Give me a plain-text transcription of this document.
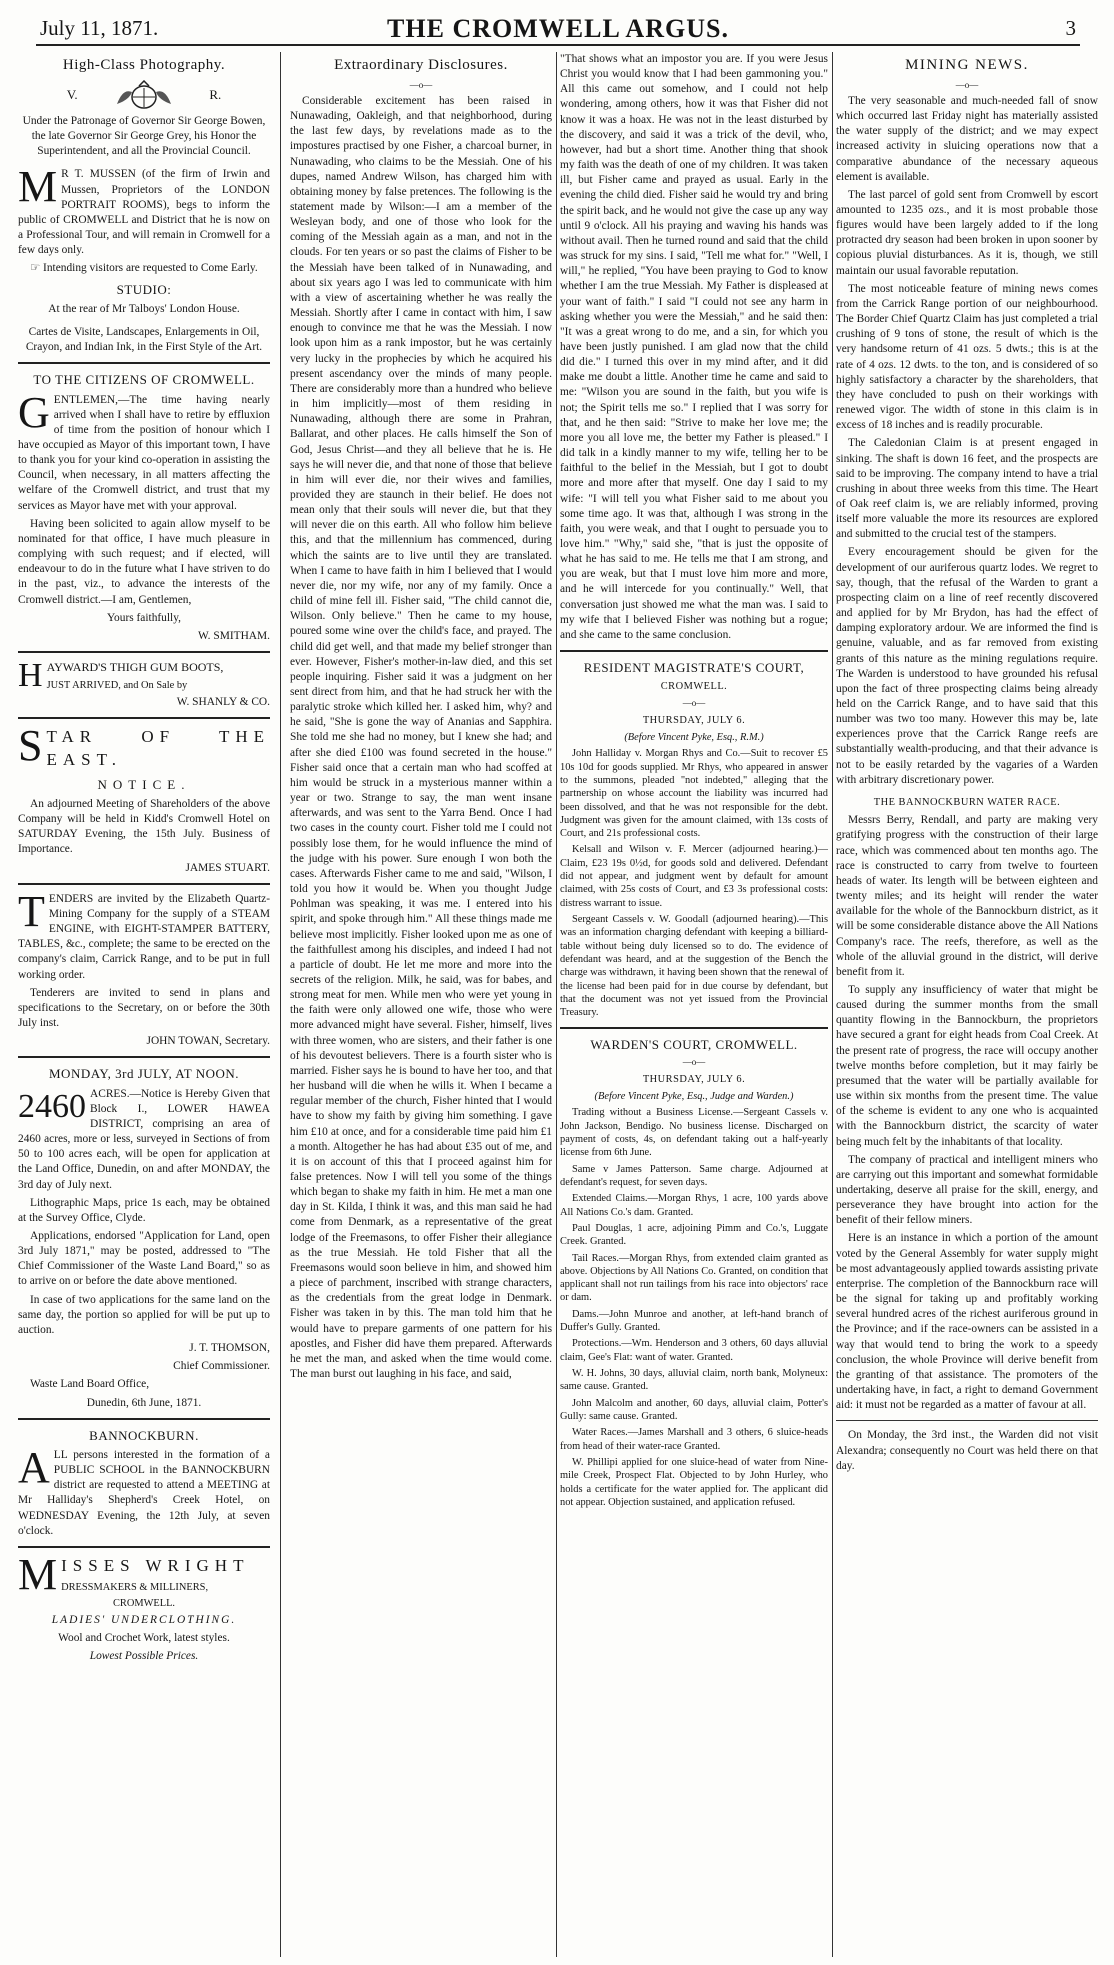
July 11, 1871.	THE CROMWELL ARGUS.	3
High-Class Photography.
V.	R.

Under the Patronage of Governor Sir George Bowen, the late Governor Sir George Grey, his Honor the Superintendent, and all the Provincial Council.

M R T. MUSSEN (of the firm of Irwin and Mussen, Proprietors of the LONDON PORTRAIT ROOMS), begs to inform the public of CROMWELL and District that he is now on a Professional Tour, and will remain in Cromwell for a few days only.

☞ Intending visitors are requested to Come Early.

STUDIO:

At the rear of Mr Talboys' London House.

Cartes de Visite, Landscapes, Enlargements in Oil, Crayon, and Indian Ink, in the First Style of the Art.

TO THE CITIZENS OF CROMWELL.
G ENTLEMEN,—The time having nearly arrived when I shall have to retire by effluxion of time from the position of honour which I have occupied as Mayor of this important town, I have to thank you for your kind co-operation in assisting the Council, when necessary, in all matters affecting the welfare of the Cromwell district, and trust that my services as Mayor have met with your approval.

Having been solicited to again allow myself to be nominated for that office, I have much pleasure in complying with such request; and if elected, will endeavour to do in the future what I have striven to do in the past, viz., to advance the interests of the Cromwell district.—I am, Gentlemen,

Yours faithfully,

W. SMITHAM.

H AYWARD'S THIGH GUM BOOTS,

JUST ARRIVED, and On Sale by

W. SHANLY & CO.

S TAR OF THE EAST.

NOTICE.

An adjourned Meeting of Shareholders of the above Company will be held in Kidd's Cromwell Hotel on SATURDAY Evening, the 15th July. Business of Importance.

JAMES STUART.

T ENDERS are invited by the Elizabeth Quartz-Mining Company for the supply of a STEAM ENGINE, with EIGHT-STAMPER BATTERY, TABLES, &c., complete; the same to be erected on the company's claim, Carrick Range, and to be put in full working order.

Tenderers are invited to send in plans and specifications to the Secretary, on or before the 30th July inst.

JOHN TOWAN, Secretary.

MONDAY, 3rd JULY, AT NOON.
2460 ACRES.—Notice is Hereby Given that Block I., LOWER HAWEA DISTRICT, comprising an area of 2460 acres, more or less, surveyed in Sections of from 50 to 100 acres each, will be open for application at the Land Office, Dunedin, on and after MONDAY, the 3rd day of July next.

Lithographic Maps, price 1s each, may be obtained at the Survey Office, Clyde.

Applications, endorsed "Application for Land, open 3rd July 1871," may be posted, addressed to "The Chief Commissioner of the Waste Land Board," so as to arrive on or before the date above mentioned.

In case of two applications for the same land on the same day, the portion so applied for will be put up to auction.

J. T. THOMSON,

Chief Commissioner.

Waste Land Board Office,

Dunedin, 6th June, 1871.

BANNOCKBURN.
A LL persons interested in the formation of a PUBLIC SCHOOL in the BANNOCKBURN district are requested to attend a MEETING at Mr Halliday's Shepherd's Creek Hotel, on WEDNESDAY Evening, the 12th July, at seven o'clock.

M ISSES WRIGHT

DRESSMAKERS & MILLINERS,

CROMWELL.

LADIES' UNDERCLOTHING.

Wool and Crochet Work, latest styles.

Lowest Possible Prices.

Extraordinary Disclosures.
—o—

Considerable excitement has been raised in Nunawading, Oakleigh, and that neighborhood, during the last few days, by revelations made as to the impostures practised by one Fisher, a charcoal burner, in Nunawading, who claims to be the Messiah. One of his dupes, named Andrew Wilson, has charged him with obtaining money by false pretences. The following is the statement made by Wilson:—I am a member of the Wesleyan body, and one of those who look for the coming of the Messiah again as a man, and not in the clouds. For ten years or so past the claims of Fisher to be the Messiah have been talked of in Nunawading, and about six years ago I was led to communicate with him with a view of ascertaining whether he was really the Messiah. Shortly after I came in contact with him, I saw enough to convince me that he was the Messiah. I now look upon him as a rank impostor, but he was certainly very lucky in the prophecies by which he acquired his present ascendancy over the minds of many people. There are considerably more than a hundred who believe in him implicitly—most of them residing in Nunawading, although there are some in Prahran, Ballarat, and other places. He calls himself the Son of God, Jesus Christ—and they all believe that he is. He says he will never die, and that none of those that believe in him will ever die, nor their wives and families, provided they are staunch in their belief. He does not mean only that their souls will never die, but that they will never die on this earth. All who follow him believe this, and that the millennium has commenced, during which the saints are to live until they are translated. When I came to have faith in him I believed that I would never die, nor my wife, nor any of my family. Once a child of mine fell ill. Fisher said, "The child cannot die, Wilson. Only believe." Then he came to my house, poured some wine over the child's face, and prayed. The child did get well, and that made my belief stronger than ever. However, Fisher's mother-in-law died, and this set people inquiring. Fisher said it was a judgment on her sent direct from him, and that he had struck her with the paralytic stroke which killed her. I asked him, why? and he said, "She is gone the way of Ananias and Sapphira. She told me she had no money, but I knew she had; and after she died £100 was found secreted in the house." Fisher said once that a certain man who had scoffed at him would be struck in a mysterious manner within a year or two. Strange to say, the man went insane afterwards, and was sent to the Yarra Bend. Once I had two cases in the county court. Fisher told me I could not possibly lose them, for he would influence the mind of the judge with his power. Sure enough I won both the cases. Afterwards Fisher came to me and said, "Wilson, I told you how it would be. When you thought Judge Pohlman was speaking, it was me. I entered into his spirit, and spoke through him." All these things made me believe most implicitly. Fisher looked upon me as one of the faithfullest among his disciples, and indeed I had not a particle of doubt. He let me more and more into the secrets of the religion. Milk, he said, was for babes, and strong meat for men. While men who were yet young in the faith were only allowed one wife, those who were more advanced might have several. Fisher, himself, lives with three women, who are sisters, and their father is one of his devoutest believers. There is a fourth sister who is married. Fisher says he is bound to have her too, and that her husband will die when he wills it. When I became a regular member of the church, Fisher hinted that I would have to show my faith by giving him something. I gave him £10 at once, and for a considerable time paid him £1 a month. Altogether he has had about £35 out of me, and it is on account of this that I proceed against him for false pretences. Now I will tell you some of the things which began to shake my faith in him. He met a man one day in St. Kilda, I think it was, and this man said he had come from Denmark, as a representative of the great lodge of the Freemasons, to offer Fisher their allegiance as the true Messiah. He told Fisher that all the Freemasons would soon believe in him, and showed him a piece of parchment, inscribed with strange characters, as the credentials from the great lodge in Denmark. Fisher was taken in by this. The man told him that he would have to prepare garments of one pattern for his apostles, and Fisher did have them prepared. Afterwards he met the man, and asked when the time would come. The man burst out laughing in his face, and said,

"That shows what an impostor you are. If you were Jesus Christ you would know that I had been gammoning you." All this came out somehow, and I could not help wondering, among others, how it was that Fisher did not know it was a hoax. He was not in the least disturbed by the discovery, and said it was a trick of the devil, who, however, had but a short time. Another thing that shook my faith was the death of one of my children. It was taken ill, but Fisher came and prayed as usual. Early in the evening the child died. Fisher said he would try and bring the spirit back, and he would not give the case up any way until 9 o'clock. All his praying and waving his hands was without avail. Then he turned round and said that the child was struck for my sins. I said, "Tell me what for." "Well, I will," he replied, "You have been praying to God to know whether I am the true Messiah. My Father is displeased at your want of faith." I said "I could not see any harm in asking whether you were the Messiah," and he said then: "It was a great wrong to do me, and a sin, for which you have been justly punished. I am glad now that the child did die." I turned this over in my mind after, and it did make me doubt a little. Another time he came and said to me: "Wilson you are sound in the faith, but you wife is not; the Spirit tells me so." I replied that I was sorry for that, and he then said: "Strive to make her love me; the more you all love me, the better my Father is pleased." I did talk in a kindly manner to my wife, telling her to be faithful to the belief in the Messiah, but I got to doubt more and more after that myself. One day I said to my wife: "I will tell you what Fisher said to me about you some time ago. It was that, although I was strong in the faith, you were weak, and that I ought to persuade you to love him." "Why," said she, "that is just the opposite of what he has said to me. He tells me that I am strong, and you are weak, but that I must love him more and more, and he will intercede for you continually." Well, that conversation just showed me what the man was. I said to my wife that I believed Fisher was nothing but a rogue; and she came to the same conclusion.

RESIDENT MAGISTRATE'S COURT,
CROMWELL.
—o—
THURSDAY, JULY 6.

(Before Vincent Pyke, Esq., R.M.)

John Halliday v. Morgan Rhys and Co.—Suit to recover £5 10s 10d for goods supplied. Mr Rhys, who appeared in answer to the summons, pleaded "not indebted," alleging that the partnership on whose account the liability was incurred had been dissolved, and that he was not responsible for the debt. Judgment was given for the amount claimed, with 13s costs of Court, and 21s professional costs.

Kelsall and Wilson v. F. Mercer (adjourned hearing.)—Claim, £23 19s 0½d, for goods sold and delivered. Defendant did not appear, and judgment went by default for amount claimed, with 25s costs of Court, and £3 3s professional costs: distress warrant to issue.

Sergeant Cassels v. W. Goodall (adjourned hearing).—This was an information charging defendant with keeping a billiard-table without being duly licensed so to do. The evidence of defendant was heard, and at the suggestion of the Bench the charge was withdrawn, it having been shown that the renewal of the license had been paid for in due course by defendant, but that the document was not yet issued from the Provincial Treasury.

WARDEN'S COURT, CROMWELL.
—o—
THURSDAY, JULY 6.

(Before Vincent Pyke, Esq., Judge and Warden.)

Trading without a Business License.—Sergeant Cassels v. John Jackson, Bendigo. No business license. Discharged on payment of costs, 4s, on defendant taking out a half-yearly license from 6th June.

Same v James Patterson. Same charge. Adjourned at defendant's request, for seven days.

Extended Claims.—Morgan Rhys, 1 acre, 100 yards above All Nations Co.'s dam. Granted.

Paul Douglas, 1 acre, adjoining Pimm and Co.'s, Luggate Creek. Granted.

Tail Races.—Morgan Rhys, from extended claim granted as above. Objections by All Nations Co. Granted, on condition that applicant shall not run tailings from his race into objectors' race or dam.

Dams.—John Munroe and another, at left-hand branch of Duffer's Gully. Granted.

Protections.—Wm. Henderson and 3 others, 60 days alluvial claim, Gee's Flat: want of water. Granted.

W. H. Johns, 30 days, alluvial claim, north bank, Molyneux: same cause. Granted.

John Malcolm and another, 60 days, alluvial claim, Potter's Gully: same cause. Granted.

Water Races.—James Marshall and 3 others, 6 sluice-heads from head of their water-race Granted.

W. Phillipi applied for one sluice-head of water from Nine-mile Creek, Prospect Flat. Objected to by John Hurley, who holds a certificate for the water applied for. The applicant did not appear. Objection sustained, and application refused.

MINING NEWS.
—o—

The very seasonable and much-needed fall of snow which occurred last Friday night has materially assisted the water supply of the district; and we may expect increased activity in sluicing operations now that a comparative abundance of the necessary aqueous element is available.

The last parcel of gold sent from Cromwell by escort amounted to 1235 ozs., and it is most probable those figures would have been largely added to if the long protracted dry season had been broken in upon sooner by copious pluvial disturbances. As it is, though, we still maintain our usual favorable reputation.

The most noticeable feature of mining news comes from the Carrick Range portion of our neighbourhood. The Border Chief Quartz Claim has just completed a trial crushing of 9 tons of stone, the result of which is the very handsome return of 41 ozs. 5 dwts.; this is at the rate of 4 ozs. 12 dwts. to the ton, and is considered of so highly satisfactory a character by the shareholders, that they have concluded to push on their workings with renewed vigor. The width of stone in this claim is in excess of 18 inches and is readily procurable.

The Caledonian Claim is at present engaged in sinking. The shaft is down 16 feet, and the prospects are said to be improving. The company intend to have a trial crushing in about three weeks from this time. The Heart of Oak reef claim is, we are reliably informed, proving itself more valuable the more its resources are explored and submitted to the crucial test of the stampers.

Every encouragement should be given for the development of our auriferous quartz lodes. We regret to say, though, that the refusal of the Warden to grant a prospecting claim on a line of reef recently discovered and applied for by Mr Brydon, has had the effect of damping exploratory ardour. We are informed the find is genuine, valuable, and as far removed from existing grants of this nature as the mining regulations require. The Warden is understood to have grounded his refusal upon the fact of three prospecting claims being already held on the Carrick Range, and to have said that this number was two too many. However this may be, late experiences prove that the Carrick Range reefs are substantially wealth-producing, and that their advance is not to be easily retarded by the vagaries of a Warden with arbitrary discretionary power.

THE BANNOCKBURN WATER RACE.

Messrs Berry, Rendall, and party are making very gratifying progress with the construction of their large race, which was commenced about ten months ago. The race is constructed to carry from twelve to fourteen heads of water. Its length will be between eighteen and twenty miles; and its height will render the water available for the whole of the Bannockburn district, as it will be some considerable distance above the All Nations Company's race. The reefs, therefore, as well as the whole of the alluvial ground in the district, will derive benefit from it.

To supply any insufficiency of water that might be caused during the summer months from the small quantity flowing in the Bannockburn, the proprietors have secured a grant for eight heads from Coal Creek. At the present rate of progress, the race will occupy another twelve months before completion, but it may fairly be presumed that the water will be partially available for use within six months from the present time. The value of the scheme is evident to any one who is acquainted with the Bannockburn district, the scarcity of water being much felt by the inhabitants of that locality.

The company of practical and intelligent miners who are carrying out this important and somewhat formidable undertaking, deserve all praise for the skill, energy, and perseverance they have brought into action for the benefit of their fellow miners.

Here is an instance in which a portion of the amount voted by the General Assembly for water supply might be most advantageously applied towards assisting private enterprise. The completion of the Bannockburn race will be the signal for taking up and profitably working several hundred acres of the richest auriferous ground in the Province; and if the race-owners can be assisted in a way that would tend to bring the work to a speedy conclusion, the whole Province will derive benefit from the granting of that assistance. The promoters of the undertaking have, in fact, a right to demand Government aid: it must not be regarded as a matter of favour at all.

On Monday, the 3rd inst., the Warden did not visit Alexandra; consequently no Court was held there on that day.
